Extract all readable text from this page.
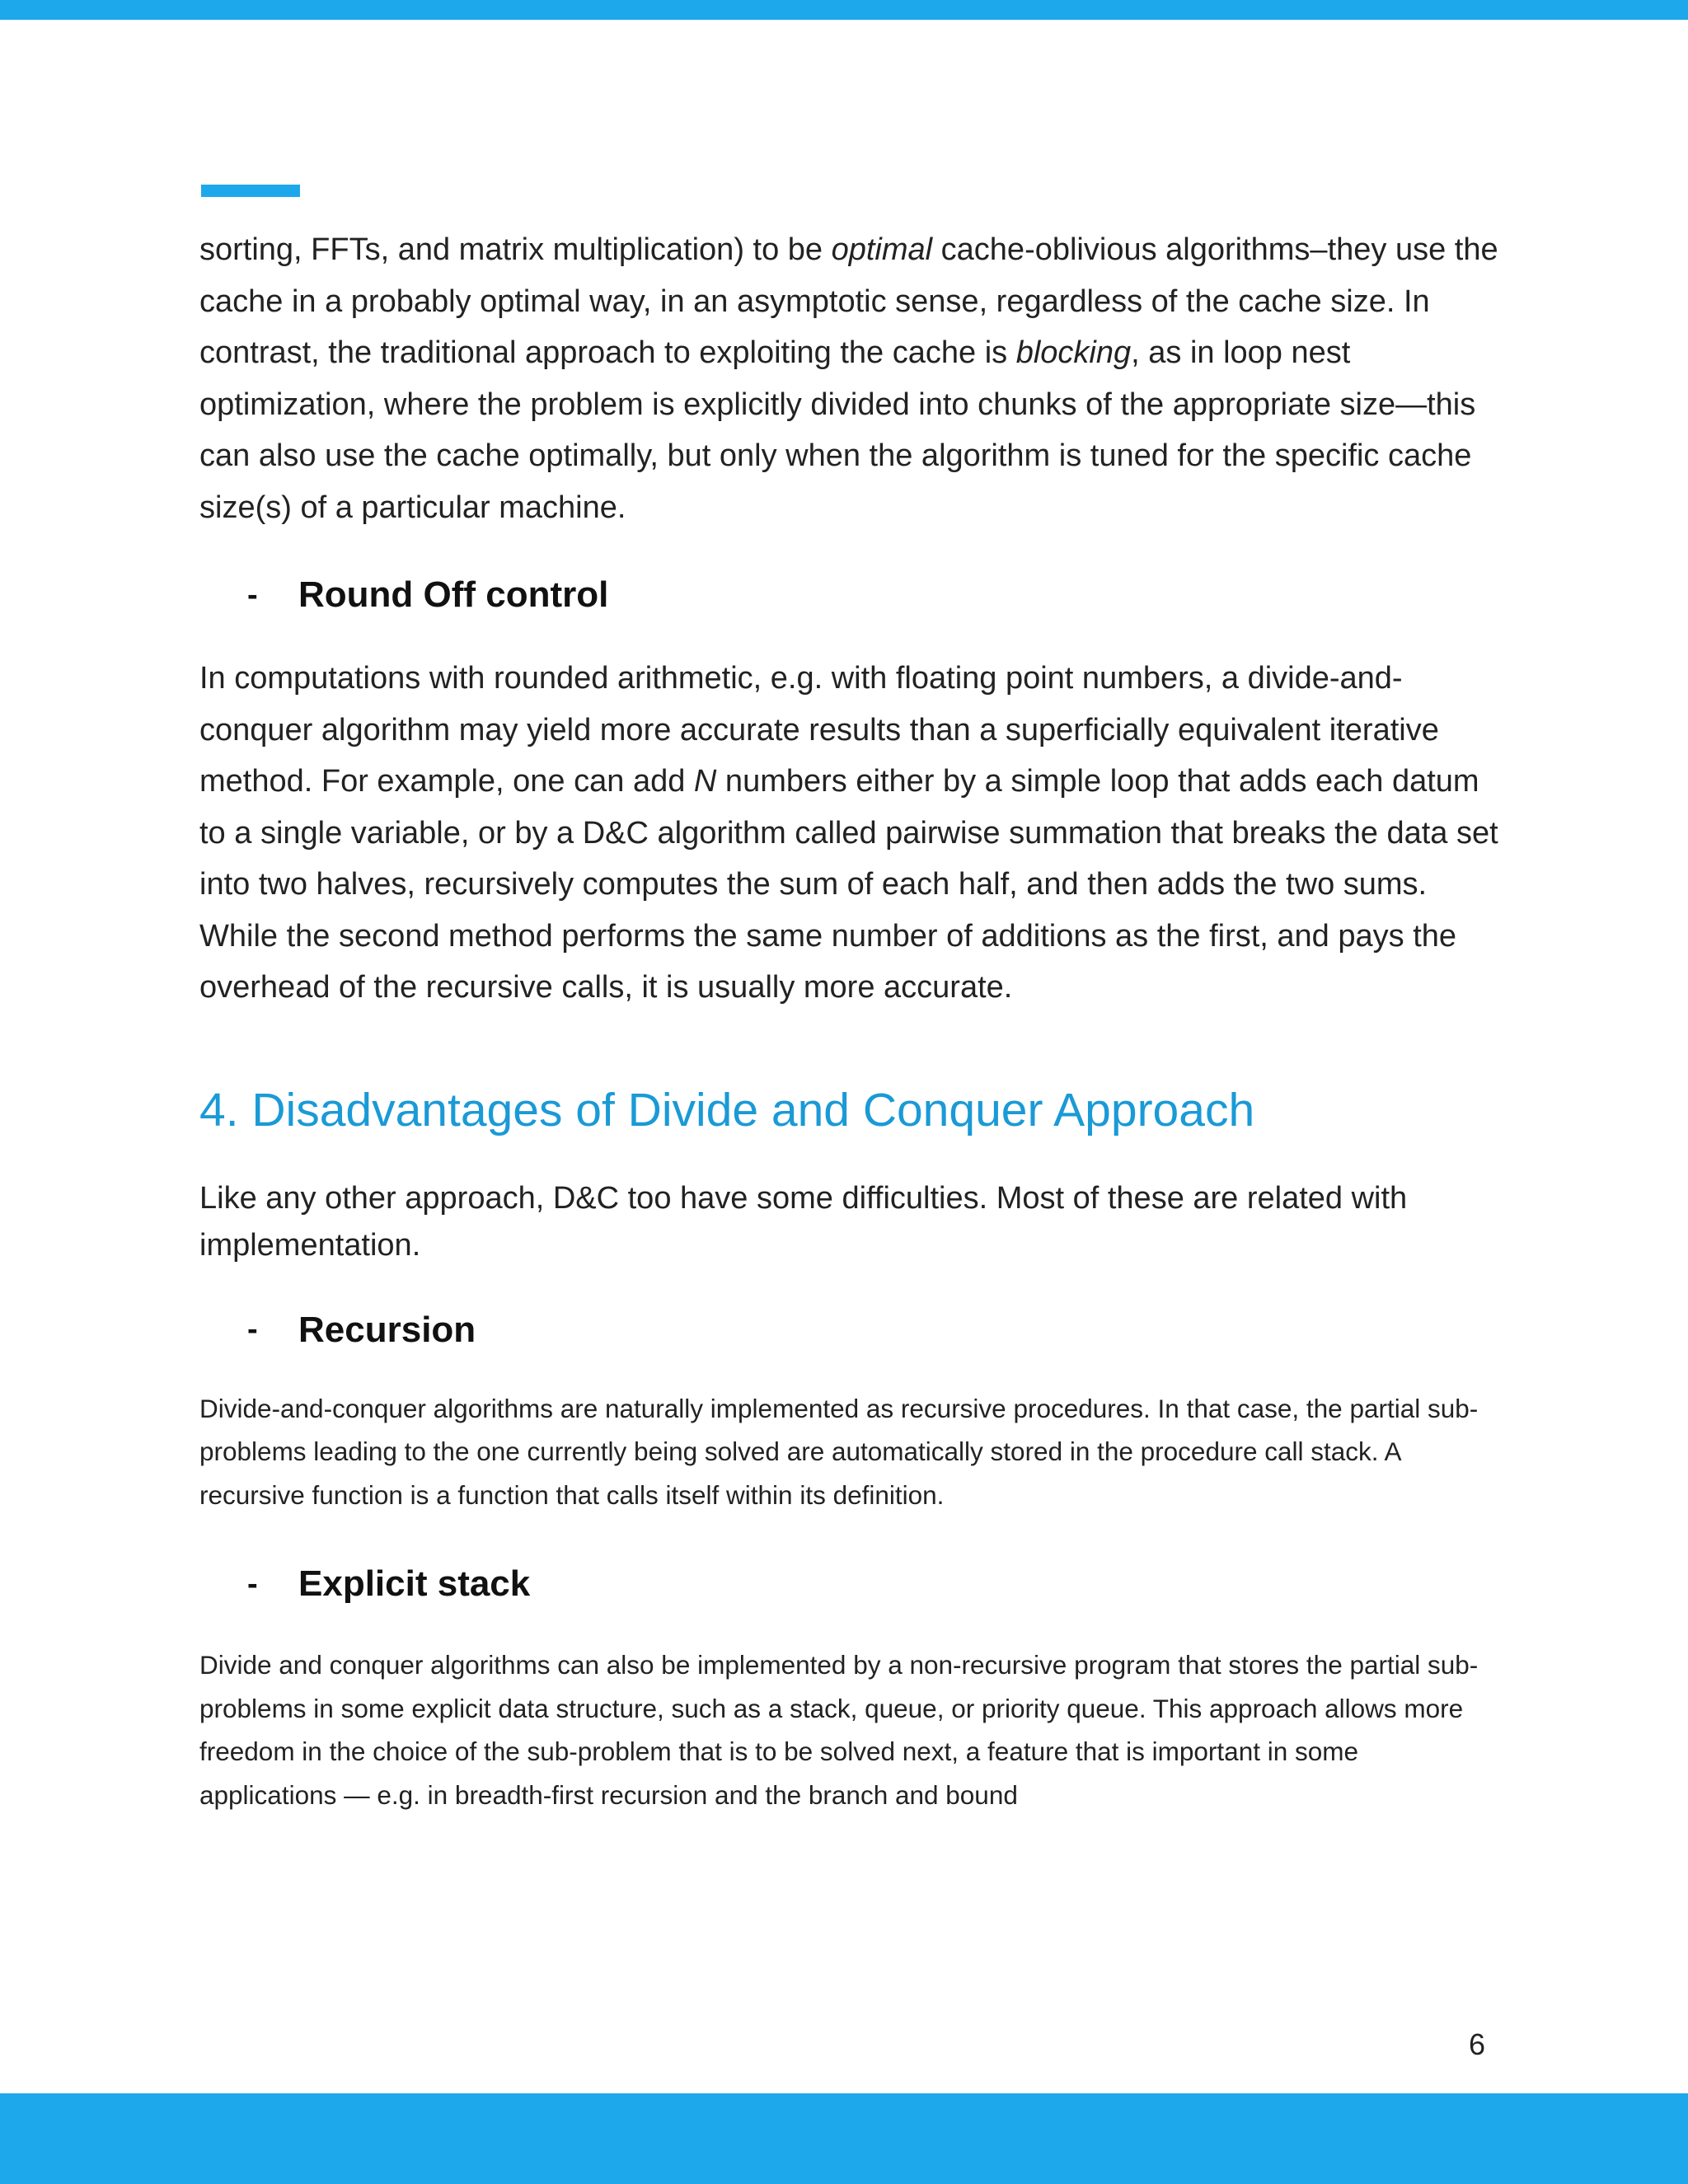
sorting, FFTs, and matrix multiplication) to be optimal cache-oblivious algorithms–they use the cache in a probably optimal way, in an asymptotic sense, regardless of the cache size. In contrast, the traditional approach to exploiting the cache is blocking, as in loop nest optimization, where the problem is explicitly divided into chunks of the appropriate size—this can also use the cache optimally, but only when the algorithm is tuned for the specific cache size(s) of a particular machine.

-	Round Off control

In computations with rounded arithmetic, e.g. with floating point numbers, a divide-and-conquer algorithm may yield more accurate results than a superficially equivalent iterative method. For example, one can add N numbers either by a simple loop that adds each datum to a single variable, or by a D&C algorithm called pairwise summation that breaks the data set into two halves, recursively computes the sum of each half, and then adds the two sums. While the second method performs the same number of additions as the first, and pays the overhead of the recursive calls, it is usually more accurate.

4. Disadvantages of Divide and Conquer Approach

Like any other approach, D&C too have some difficulties. Most of these are related with implementation.

-	Recursion

Divide-and-conquer algorithms are naturally implemented as recursive procedures. In that case, the partial sub-problems leading to the one currently being solved are automatically stored in the procedure call stack. A recursive function is a function that calls itself within its definition.

-	Explicit stack

Divide and conquer algorithms can also be implemented by a non-recursive program that stores the partial sub-problems in some explicit data structure, such as a stack, queue, or priority queue. This approach allows more freedom in the choice of the sub-problem that is to be solved next, a feature that is important in some applications — e.g. in breadth-first recursion and the branch and bound

6
